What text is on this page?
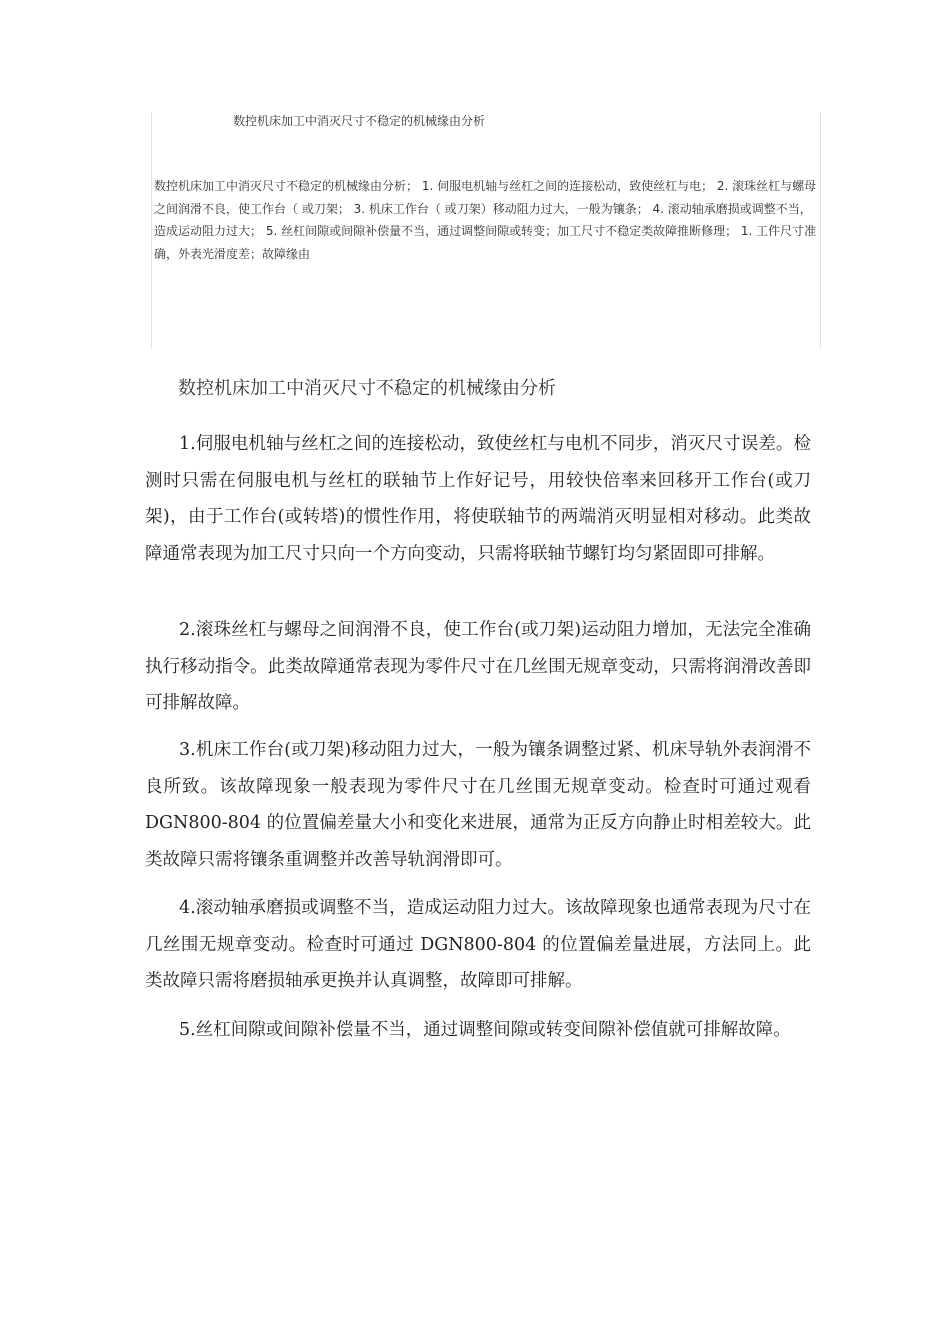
数控机床加工中消灭尺寸不稳定的机械缘由分析
数控机床加工中消灭尺寸不稳定的机械缘由分析； 1. 伺服电机轴与丝杠之间的连接松动，致使丝杠与电； 2. 滚珠丝杠与螺母之间润滑不良，使工作台（ 或刀架； 3. 机床工作台（ 或刀架）移动阻力过大，一般为镶条； 4. 滚动轴承磨损或调整不当，造成运动阻力过大； 5. 丝杠间隙或间隙补偿量不当，通过调整间隙或转变；加工尺寸不稳定类故障推断修理； 1. 工件尺寸准确，外表光滑度差；故障缘由
数控机床加工中消灭尺寸不稳定的机械缘由分析

1.伺服电机轴与丝杠之间的连接松动，致使丝杠与电机不同步，消灭尺寸误差。检测时只需在伺服电机与丝杠的联轴节上作好记号，用较快倍率来回移开工作台(或刀架)，由于工作台(或转塔)的惯性作用，将使联轴节的两端消灭明显相对移动。此类故障通常表现为加工尺寸只向一个方向变动，只需将联轴节螺钉均匀紧固即可排解。

2.滚珠丝杠与螺母之间润滑不良，使工作台(或刀架)运动阻力增加，无法完全准确执行移动指令。此类故障通常表现为零件尺寸在几丝围无规章变动，只需将润滑改善即可排解故障。

3.机床工作台(或刀架)移动阻力过大，一般为镶条调整过紧、机床导轨外表润滑不良所致。该故障现象一般表现为零件尺寸在几丝围无规章变动。检查时可通过观看 DGN800-804 的位置偏差量大小和变化来进展，通常为正反方向静止时相差较大。此类故障只需将镶条重调整并改善导轨润滑即可。

4.滚动轴承磨损或调整不当，造成运动阻力过大。该故障现象也通常表现为尺寸在几丝围无规章变动。检查时可通过 DGN800-804 的位置偏差量进展，方法同上。此类故障只需将磨损轴承更换并认真调整，故障即可排解。

5.丝杠间隙或间隙补偿量不当，通过调整间隙或转变间隙补偿值就可排解故障。
